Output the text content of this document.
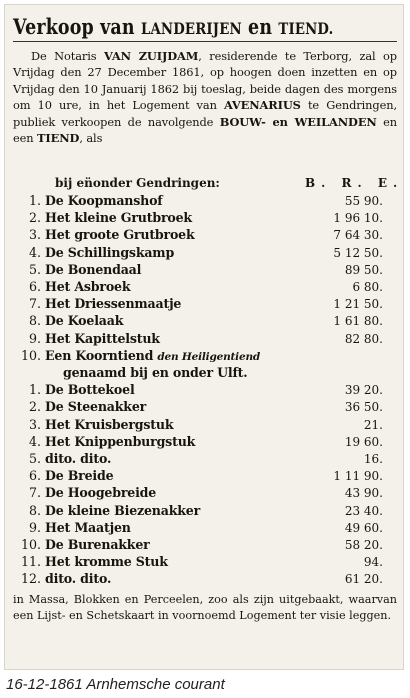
Verkoop van LANDERIJEN en TIEND.
De Notaris VAN ZUIJDAM, residerende te Terborg, zal op Vrijdag den 27 December 1861, op hoogen doen inzetten en op Vrijdag den 10 Januarij 1862 bij toeslag, beide dagen des morgens om 10 ure, in het Logement van AVENARIUS te Gendringen, publiek verkoopen de navolgende BOUW- en WEILANDEN en een TIEND, als
bij en̈onder Gendringen:	B. R. E.
1. De Koopmanshof	55 90.
2. Het kleine Grutbroek	1 96 10.
3. Het groote Grutbroek	7 64 30.
4. De Schillingskamp	5 12 50.
5. De Bonendaal	89 50.
6. Het Asbroek	6 80.
7. Het Driessenmaatje	1 21 50.
8. De Koelaak	1 61 80.
9. Het Kapittelstuk	82 80.
10. Een Koorntiend den Heiligentiend
genaamd bij en onder Ulft.
1. De Bottekoel	39 20.
2. De Steenakker	36 50.
3. Het Kruisbergstuk	21.
4. Het Knippenburgstuk	19 60.
5. dito. dito.	16.
6. De Breide	1 11 90.
7. De Hoogebreide	43 90.
8. De kleine Biezenakker	23 40.
9. Het Maatjen	49 60.
10. De Burenakker	58 20.
11. Het kromme Stuk	94.
12. dito. dito.	61 20.
in Massa, Blokken en Perceelen, zoo als zijn uitgebaakt, waarvan een Lijst- en Schetskaart in voornoemd Logement ter visie leggen.
16-12-1861 Arnhemsche courant
